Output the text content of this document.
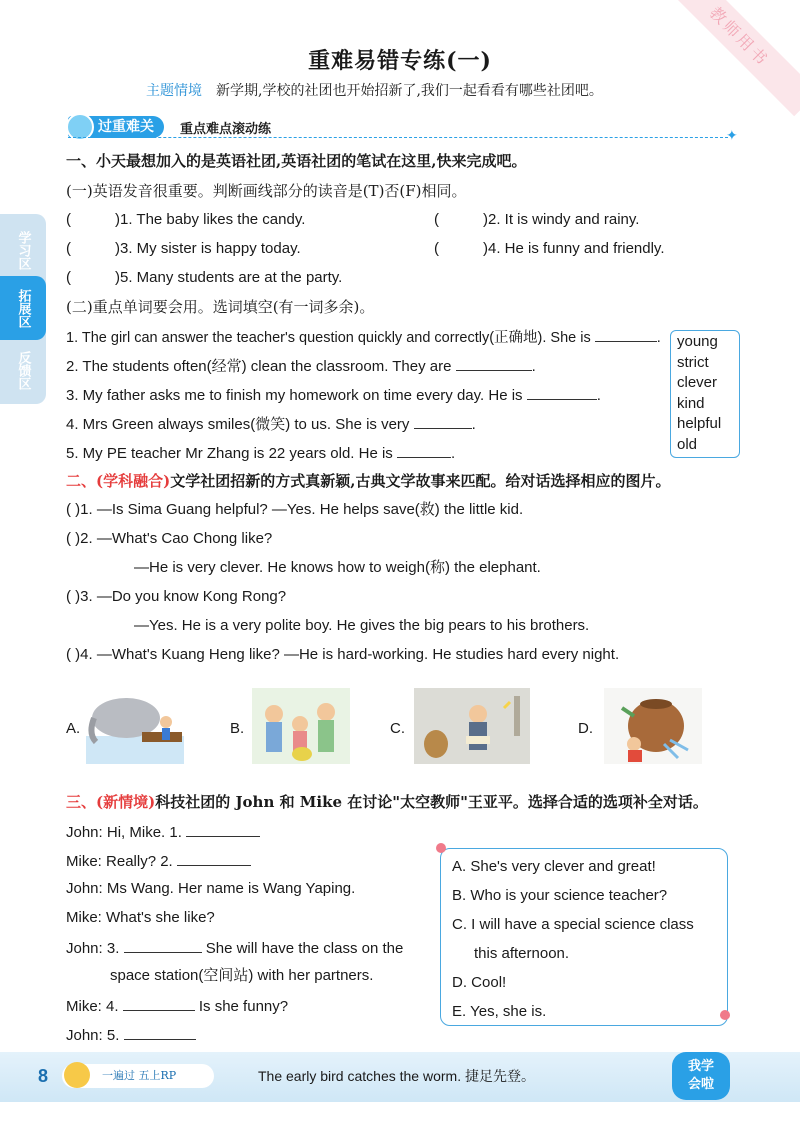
教师用书
重难易错专练(一)
主题情境 新学期,学校的社团也开始招新了,我们一起看看有哪些社团吧。
过重难关	重点难点滚动练	✦
学习区
拓展区
反馈区
一、小天最想加入的是英语社团,英语社团的笔试在这里,快来完成吧。
(一)英语发音很重要。判断画线部分的读音是(T)否(F)相同。
(	)1. The baby likes the candy.	(	)2. It is windy and rainy.
(	)3. My sister is happy today.	(	)4. He is funny and friendly.
(	)5. Many students are at the party.
(二)重点单词要会用。选词填空(有一词多余)。
1. The girl can answer the teacher's question quickly and correctly(正确地). She is	.
2. The students often(经常) clean the classroom. They are	.
3. My father asks me to finish my homework on time every day. He is	.
4. Mrs Green always smiles(微笑) to us. She is very	.
5. My PE teacher Mr Zhang is 22 years old. He is	.
young
strict
clever
kind
helpful
old
二、(学科融合)文学社团招新的方式真新颖,古典文学故事来匹配。给对话选择相应的图片。
( )1. —Is Sima Guang helpful? —Yes. He helps save(救) the little kid.
( )2. —What's Cao Chong like?
—He is very clever. He knows how to weigh(称) the elephant.
( )3. —Do you know Kong Rong?
—Yes. He is a very polite boy. He gives the big pears to his brothers.
( )4. —What's Kuang Heng like? —He is hard-working. He studies hard every night.
A.	B.	C.	D.
三、(新情境)科技社团的 John 和 Mike 在讨论"太空教师"王亚平。选择合适的选项补全对话。
John: Hi, Mike. 1.
Mike: Really? 2.
John: Ms Wang. Her name is Wang Yaping.
Mike: What's she like?
John: 3.	She will have the class on the
space station(空间站) with her partners.
Mike: 4.	Is she funny?
John: 5.
A. She's very clever and great!
B. Who is your science teacher?
C. I will have a special science class
this afternoon.
D. Cool!
E. Yes, she is.
8	一遍过 五上RP	The early bird catches the worm. 捷足先登。
我学
会啦
